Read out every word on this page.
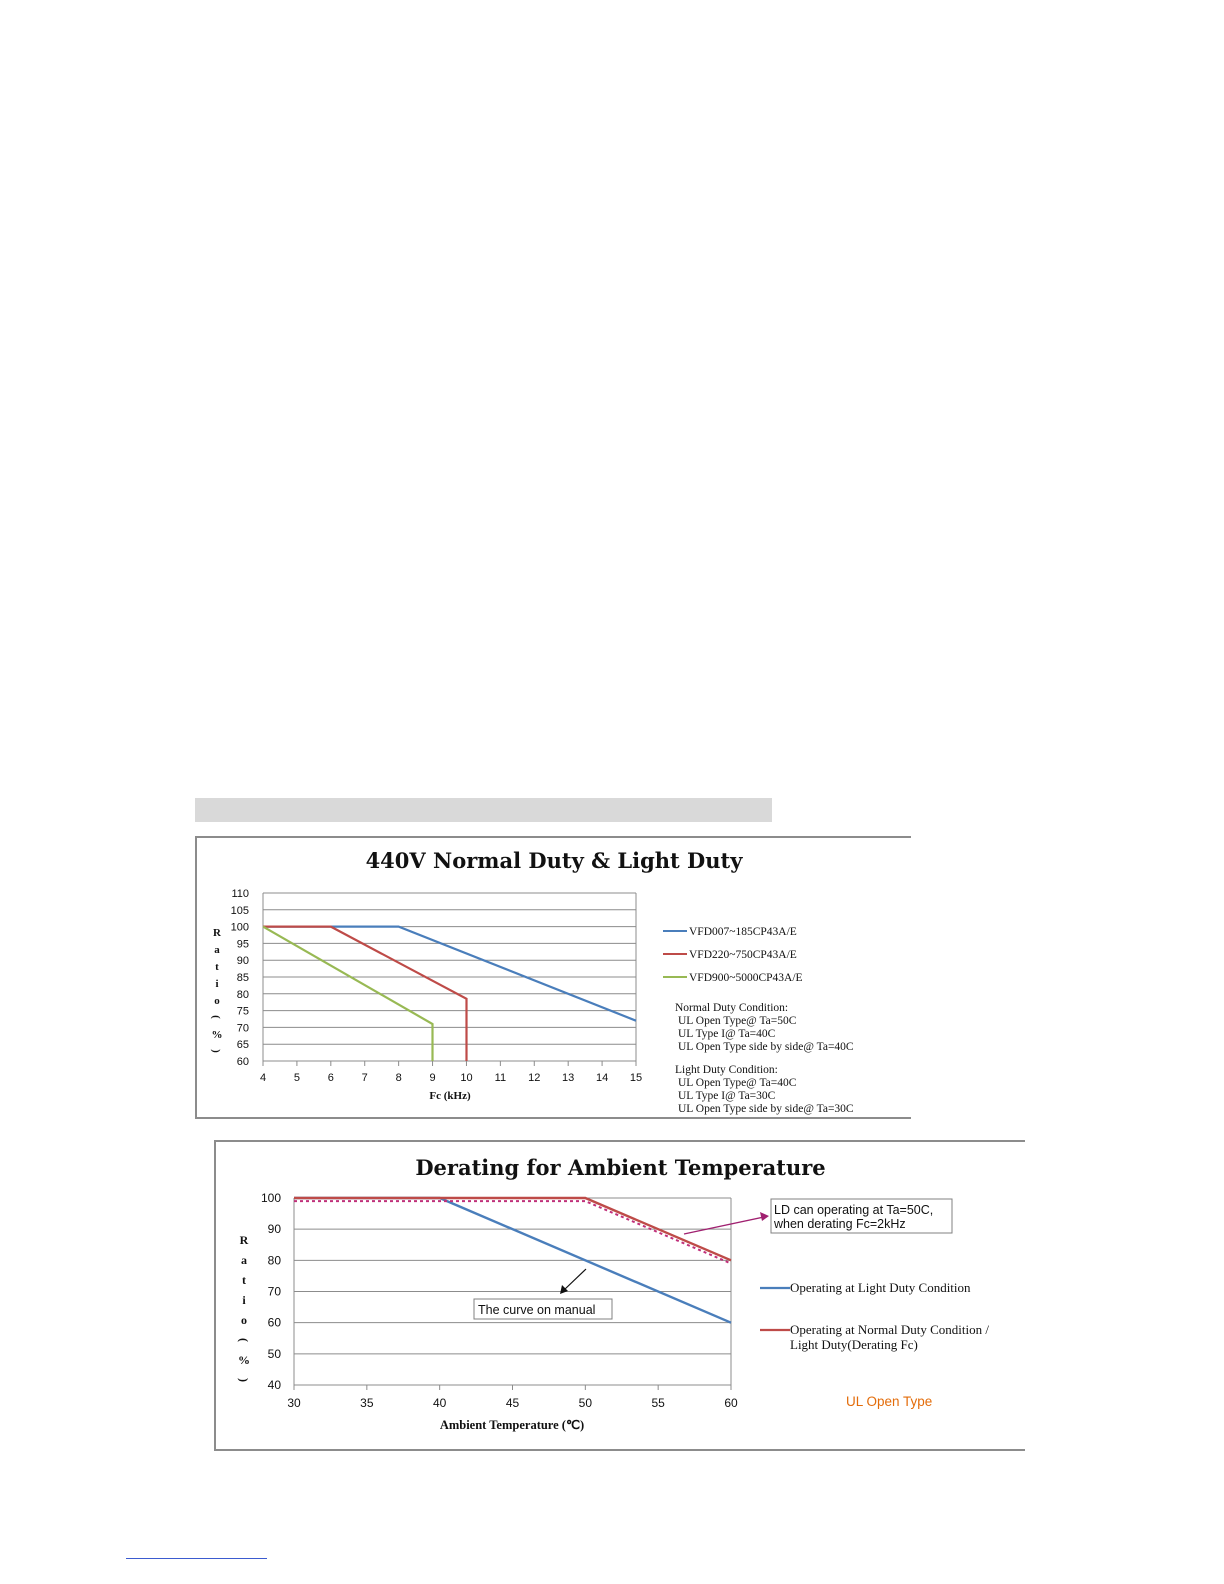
440V Normal Duty & Light Duty
60
65
70
75
80
85
90
95
100
105
110
4	5	6	7	8	9 10 11 12 13 14 15
Fc (kHz)
R
a
t
i
o
(
%
)
VFD007~185CP43A/E
VFD220~750CP43A/E
VFD900~5000CP43A/E
Normal Duty Condition:
UL Open Type@ Ta=50C
UL Type I@ Ta=40C
UL Open Type side by side@ Ta=40C
Light Duty Condition:
UL Open Type@ Ta=40C
UL Type I@ Ta=30C
UL Open Type side by side@ Ta=30C
Derating for Ambient Temperature
40
50
60
70
80
90
100
30	35	40	45	50	55	60
Ambient Temperature (℃)
R
a
t
i
o
(
%
)
Operating at Light Duty Condition
Operating at Normal Duty Condition /
Light Duty(Derating Fc)
LD can operating at Ta=50C,
when derating Fc=2kHz
The curve on manual
UL Open Type
